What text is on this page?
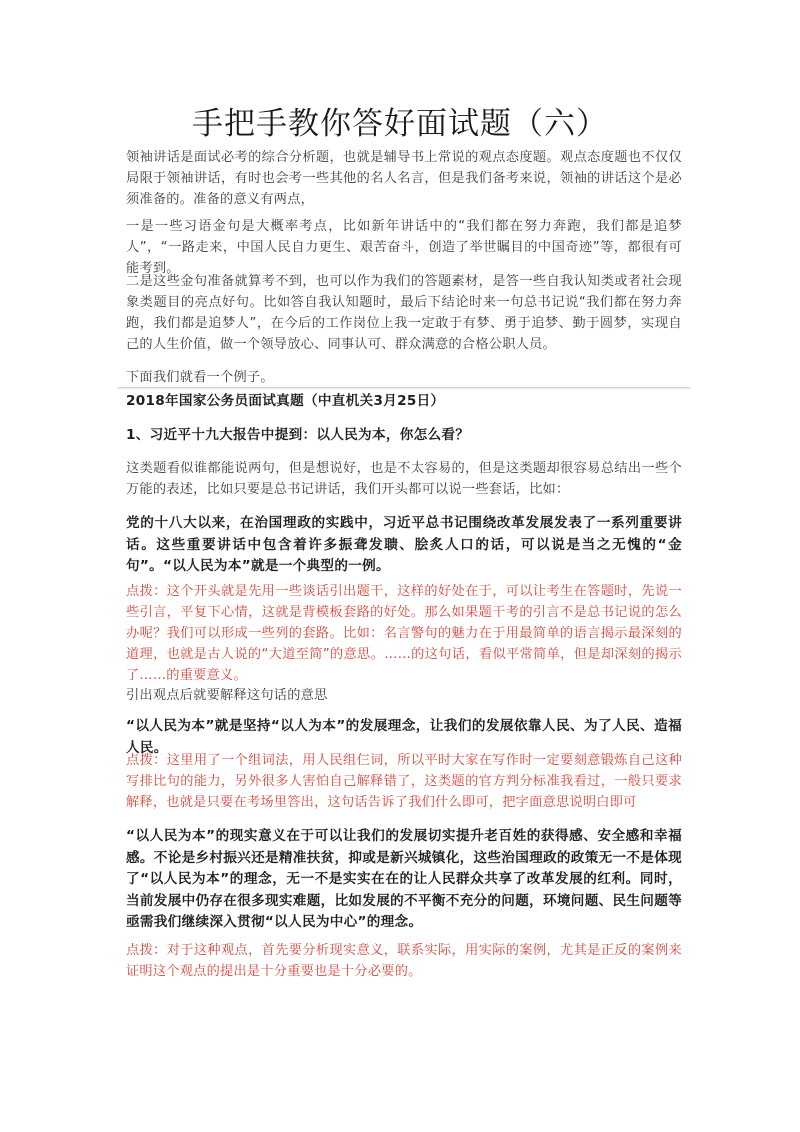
手把手教你答好面试题（六）

领袖讲话是面试必考的综合分析题，也就是辅导书上常说的观点态度题。观点态度题也不仅仅局限于领袖讲话，有时也会考一些其他的名人名言，但是我们备考来说，领袖的讲话这个是必须准备的。准备的意义有两点，

一是一些习语金句是大概率考点，比如新年讲话中的“我们都在努力奔跑，我们都是追梦人”，“一路走来，中国人民自力更生、艰苦奋斗，创造了举世瞩目的中国奇迹”等，都很有可能考到。

二是这些金句准备就算考不到，也可以作为我们的答题素材，是答一些自我认知类或者社会现象类题目的亮点好句。比如答自我认知题时，最后下结论时来一句总书记说“我们都在努力奔跑，我们都是追梦人”，在今后的工作岗位上我一定敢于有梦、勇于追梦、勤于圆梦，实现自己的人生价值，做一个领导放心、同事认可、群众满意的合格公职人员。

下面我们就看一个例子。

2018年国家公务员面试真题（中直机关3月25日）

1、习近平十九大报告中提到：以人民为本，你怎么看？

这类题看似谁都能说两句，但是想说好，也是不太容易的，但是这类题却很容易总结出一些个万能的表述，比如只要是总书记讲话，我们开头都可以说一些套话，比如：

党的十八大以来，在治国理政的实践中，习近平总书记围绕改革发展发表了一系列重要讲话。这些重要讲话中包含着许多振聋发聩、脍炙人口的话，可以说是当之无愧的“金句”。“以人民为本”就是一个典型的一例。

点拨：这个开头就是先用一些谈话引出题干，这样的好处在于，可以让考生在答题时，先说一些引言，平复下心情，这就是背模板套路的好处。那么如果题干考的引言不是总书记说的怎么办呢？我们可以形成一些列的套路。比如：名言警句的魅力在于用最简单的语言揭示最深刻的道理，也就是古人说的“大道至简”的意思。……的这句话，看似平常简单，但是却深刻的揭示了……的重要意义。

引出观点后就要解释这句话的意思

“以人民为本”就是坚持“以人为本”的发展理念，让我们的发展依靠人民、为了人民、造福人民。

点拨：这里用了一个组词法，用人民组仨词，所以平时大家在写作时一定要刻意锻炼自己这种写排比句的能力，另外很多人害怕自己解释错了，这类题的官方判分标准我看过，一般只要求解释，也就是只要在考场里答出，这句话告诉了我们什么即可，把字面意思说明白即可

“以人民为本”的现实意义在于可以让我们的发展切实提升老百姓的获得感、安全感和幸福感。不论是乡村振兴还是精准扶贫，抑或是新兴城镇化，这些治国理政的政策无一不是体现了“以人民为本”的理念，无一不是实实在在的让人民群众共享了改革发展的红利。同时，当前发展中仍存在很多现实难题，比如发展的不平衡不充分的问题，环境问题、民生问题等亟需我们继续深入贯彻“以人民为中心”的理念。

点拨：对于这种观点，首先要分析现实意义，联系实际，用实际的案例，尤其是正反的案例来证明这个观点的提出是十分重要也是十分必要的。
